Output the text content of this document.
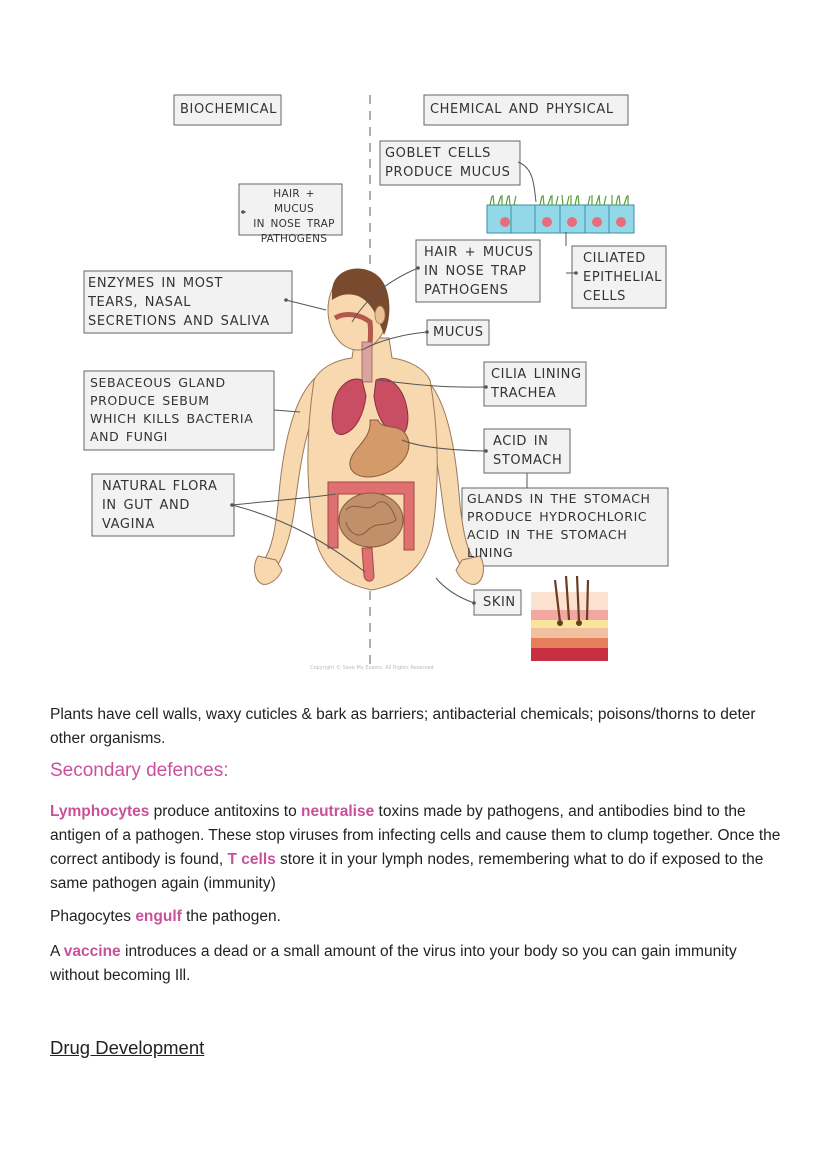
BIOCHEMICAL	CHEMICAL AND PHYSICAL
GOBLET CELLS
PRODUCE MUCUS
HAIR + MUCUS
IN NOSE TRAP
PATHOGENS
HAIR + MUCUS
IN NOSE TRAP
PATHOGENS
CILIATED
EPITHELIAL
CELLS
ENZYMES IN MOST
TEARS, NASAL
SECRETIONS AND SALIVA
MUCUS
SEBACEOUS GLAND
PRODUCE SEBUM
WHICH KILLS BACTERIA
AND FUNGI
CILIA LINING
TRACHEA
ACID IN
STOMACH
NATURAL FLORA
IN GUT AND
VAGINA
GLANDS IN THE STOMACH
PRODUCE HYDROCHLORIC
ACID IN THE STOMACH
LINING
SKIN
Copyright © Save My Exams. All Rights Reserved

Plants have cell walls, waxy cuticles & bark as barriers; antibacterial chemicals; poisons/thorns to deter other organisms.

Secondary defences:

Lymphocytes produce antitoxins to neutralise toxins made by pathogens, and antibodies bind to the antigen of a pathogen. These stop viruses from infecting cells and cause them to clump together. Once the correct antibody is found, T cells store it in your lymph nodes, remembering what to do if exposed to the same pathogen again (immunity)

Phagocytes engulf the pathogen.

A vaccine introduces a dead or a small amount of the virus into your body so you can gain immunity without becoming Ill.

Drug Development
